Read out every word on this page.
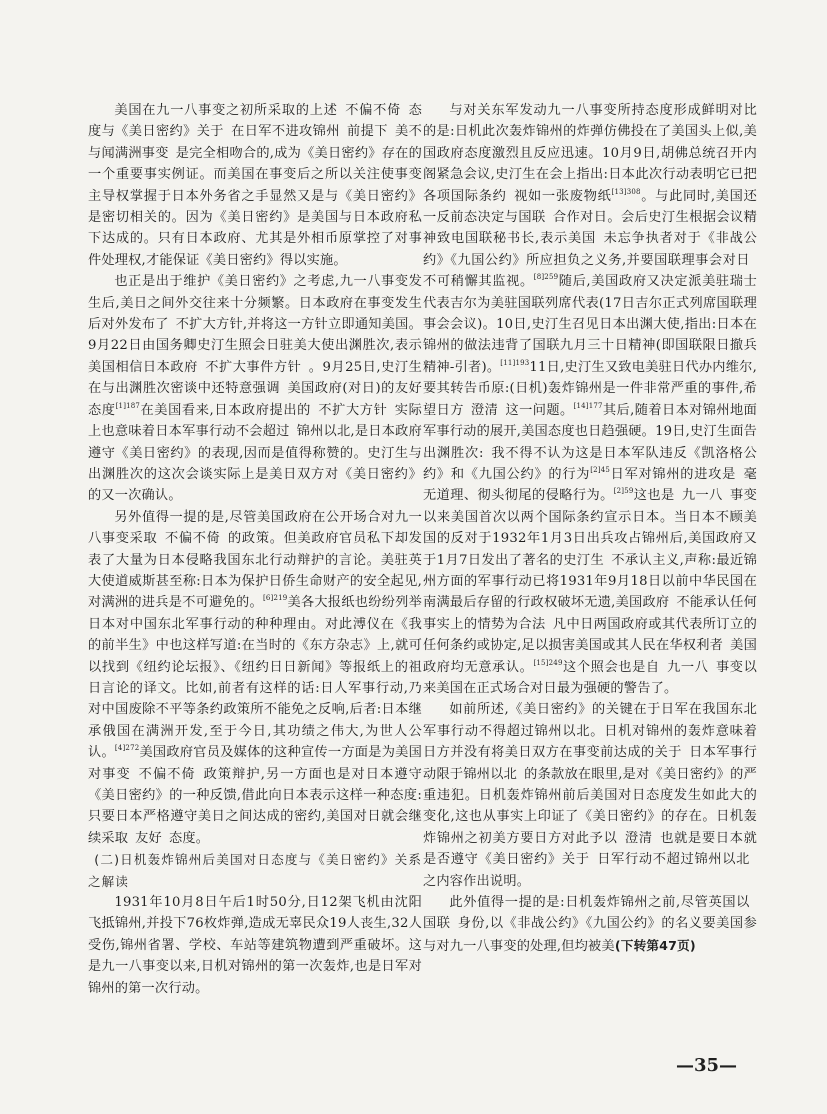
美国在九一八事变之初所采取的上述 不偏不倚 态度与《美日密约》关于 在日军不进攻锦州 前提下 美不与闻满洲事变 是完全相吻合的,成为《美日密约》存在的一个重要事实例证。而美国在事变后之所以关注使事变主导权掌握于日本外务省之手显然又是与《美日密约》是密切相关的。因为《美日密约》是美国与日本政府私下达成的。只有日本政府、尤其是外相币原掌控了对事件处理权,才能保证《美日密约》得以实施。

也正是出于维护《美日密约》之考虑,九一八事变发生后,美日之间外交往来十分频繁。日本政府在事变发生后对外发布了 不扩大方针,并将这一方针立即通知美国。9月22日由国务卿史汀生照会日驻美大使出渊胜次,表示美国相信日本政府 不扩大事件方针 。9月25日,史汀生在与出渊胜次密谈中还特意强调 美国政府(对日)的友好态度$^{[1]187}$在美国看来,日本政府提出的 不扩大方针 实际上也意味着日本军事行动不会超过 锦州以北,是日本政府遵守《美日密约》的表现,因而是值得称赞的。史汀生与出渊胜次的这次会谈实际上是美日双方对《美日密约》的又一次确认。

另外值得一提的是,尽管美国政府在公开场合对九一八事变采取 不偏不倚 的政策。但美政府官员私下却发表了大量为日本侵略我国东北行动辩护的言论。美驻英大使道威斯甚至称:日本为保护日侨生命财产的安全起见,对满洲的进兵是不可避免的。$^{[6]219}$美各大报纸也纷纷列举日本对中国东北军事行动的种种理由。对此溥仪在《我的前半生》中也这样写道:在当时的《东方杂志》上,就可以找到《纽约论坛报》、《纽约日日新闻》等报纸上的祖日言论的译文。比如,前者有这样的话:日人军事行动,乃对中国废除不平等条约政策所不能免之反响,后者:日本继承俄国在满洲开发,至于今日,其功绩之伟大,为世人公认。$^{[4]272}$美国政府官员及媒体的这种宣传一方面是为美国对事变 不偏不倚 政策辩护,另一方面也是对日本遵守《美日密约》的一种反馈,借此向日本表示这样一种态度:只要日本严格遵守美日之间达成的密约,美国对日就会继续采取 友好 态度。

(二)日机轰炸锦州后美国对日态度与《美日密约》关系之解读

1931年10月8日午后1时50分,日12架飞机由沈阳飞抵锦州,并投下76枚炸弹,造成无辜民众19人丧生,32人受伤,锦州省署、学校、车站等建筑物遭到严重破坏。这是九一八事变以来,日机对锦州的第一次轰炸,也是日军对锦州的第一次行动。

与对关东军发动九一八事变所持态度形成鲜明对比的是:日机此次轰炸锦州的炸弹仿佛投在了美国头上似,美国政府态度激烈且反应迅速。10月9日,胡佛总统召开内阁紧急会议,史汀生在会上指出:日本此次行动表明它已把各项国际条约 视如一张废物纸$^{[13]308}$。与此同时,美国还一反前态决定与国联 合作对日。会后史汀生根据会议精神致电国联秘书长,表示美国 未忘争执者对于《非战公约》《九国公约》所应担负之义务,并要国联理事会对日不可稍懈其监视。$^{[8]259}$随后,美国政府又决定派美驻瑞士代表吉尔为美驻国联列席代表(17日吉尔正式列席国联理事会会议)。10日,史汀生召见日本出渊大使,指出:日本在锦州的做法违背了国联九月三十日精神(即国联限日撤兵精神-引者)。$^{[11]193}$11日,史汀生又致电美驻日代办内维尔,要其转告币原:(日机)轰炸锦州是一件非常严重的事件,希望日方 澄清 这一问题。$^{[14]177}$其后,随着日本对锦州地面军事行动的展开,美国态度也日趋强硬。19日,史汀生面告出渊胜次: 我不得不认为这是日本军队违反《凯洛格公约》和《九国公约》的行为$^{[2]45}$日军对锦州的进攻是 毫无道理、彻头彻尾的侵略行为。$^{[2]59}$这也是 九一八 事变以来美国首次以两个国际条约宣示日本。当日本不顾美国的反对于1932年1月3日出兵攻占锦州后,美国政府又于1月7日发出了著名的史汀生 不承认主义,声称:最近锦州方面的军事行动已将1931年9月18日以前中华民国在南满最后存留的行政权破坏无遗,美国政府 不能承认任何事实上的情势为合法 凡中日两国政府或其代表所订立的任何条约或协定,足以损害美国或其人民在华权利者 美国政府均无意承认。$^{[15]249}$这个照会也是自 九一八 事变以来美国在正式场合对日最为强硬的警告了。

如前所述,《美日密约》的关键在于日军在我国东北军事行动不得超过锦州以北。日机对锦州的轰炸意味着日方并没有将美日双方在事变前达成的关于 日本军事行动限于锦州以北 的条款放在眼里,是对《美日密约》的严重违犯。日机轰炸锦州前后美国对日态度发生如此大的变化,这也从事实上印证了《美日密约》的存在。日机轰炸锦州之初美方要日方对此予以 澄清 也就是要日本就是否遵守《美日密约》关于 日军行动不超过锦州以北之内容作出说明。

此外值得一提的是:日机轰炸锦州之前,尽管英国以国联 身份,以《非战公约》《九国公约》的名义要美国参与对九一八事变的处理,但均被美(下转第47页)

—35—
